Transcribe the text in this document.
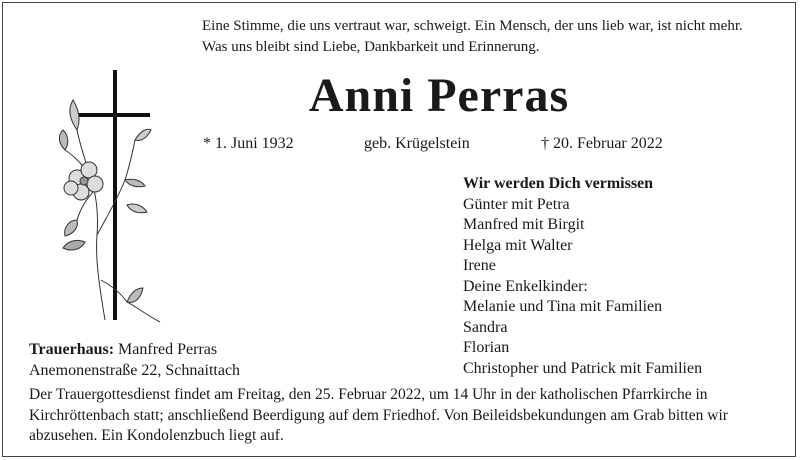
Eine Stimme, die uns vertraut war, schweigt. Ein Mensch, der uns lieb war, ist nicht mehr.
Was uns bleibt sind Liebe, Dankbarkeit und Erinnerung.
Anni Perras
* 1. Juni 1932	geb. Krügelstein	† 20. Februar 2022
Wir werden Dich vermissen
Günter mit Petra
Manfred mit Birgit
Helga mit Walter
Irene
Deine Enkelkinder:
Melanie und Tina mit Familien
Sandra
Florian
Christopher und Patrick mit Familien
Trauerhaus: Manfred Perras
Anemonenstraße 22, Schnaittach
Der Trauergottesdienst findet am Freitag, den 25. Februar 2022, um 14 Uhr in der katholischen Pfarrkirche in Kirchröttenbach statt; anschließend Beerdigung auf dem Friedhof. Von Beileidsbekundungen am Grab bitten wir abzusehen. Ein Kondolenzbuch liegt auf.
